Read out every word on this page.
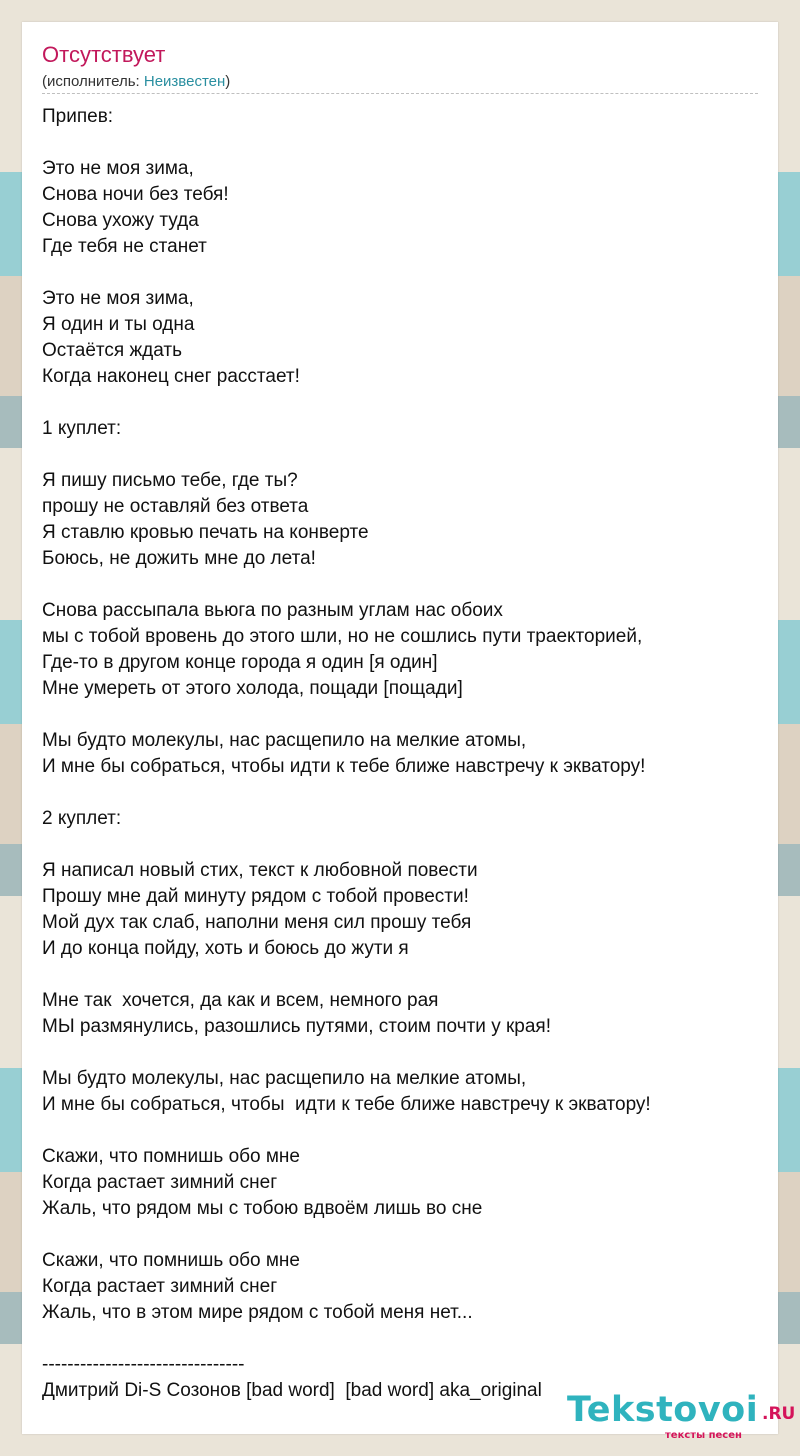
Отсутствует
(исполнитель: Неизвестен)
Припев:

Это не моя зима,
Снова ночи без тебя!
Снова ухожу туда
Где тебя не станет

Это не моя зима,
Я один и ты одна
Остаётся ждать
Когда наконец снег расстает!

1 куплет:

Я пишу письмо тебе, где ты?
прошу не оставляй без ответа
Я ставлю кровью печать на конверте
Боюсь, не дожить мне до лета!

Снова рассыпала вьюга по разным углам нас обоих
мы с тобой вровень до этого шли, но не сошлись пути траекторией,
Где-то в другом конце города я один [я один]
Мне умереть от этого холода, пощади [пощади]

Мы будто молекулы, нас расщепило на мелкие атомы,
И мне бы собраться, чтобы идти к тебе ближе навстречу к экватору!

2 куплет:

Я написал новый стих, текст к любовной повести
Прошу мне дай минуту рядом с тобой провести!
Мой дух так слаб, наполни меня сил прошу тебя
И до конца пойду, хоть и боюсь до жути я

Мне так  хочется, да как и всем, немного рая
МЫ размянулись, разошлись путями, стоим почти у края!

Мы будто молекулы, нас расщепило на мелкие атомы,
И мне бы собраться, чтобы  идти к тебе ближе навстречу к экватору!

Скажи, что помнишь обо мне
Когда растает зимний снег
Жаль, что рядом мы с тобою вдвоём лишь во сне

Скажи, что помнишь обо мне
Когда растает зимний снег
Жаль, что в этом мире рядом с тобой меня нет...

--------------------------------
Дмитрий Di-S Созонов [bad word]  [bad word] aka_original Tekstovoi .RU
тексты песен
